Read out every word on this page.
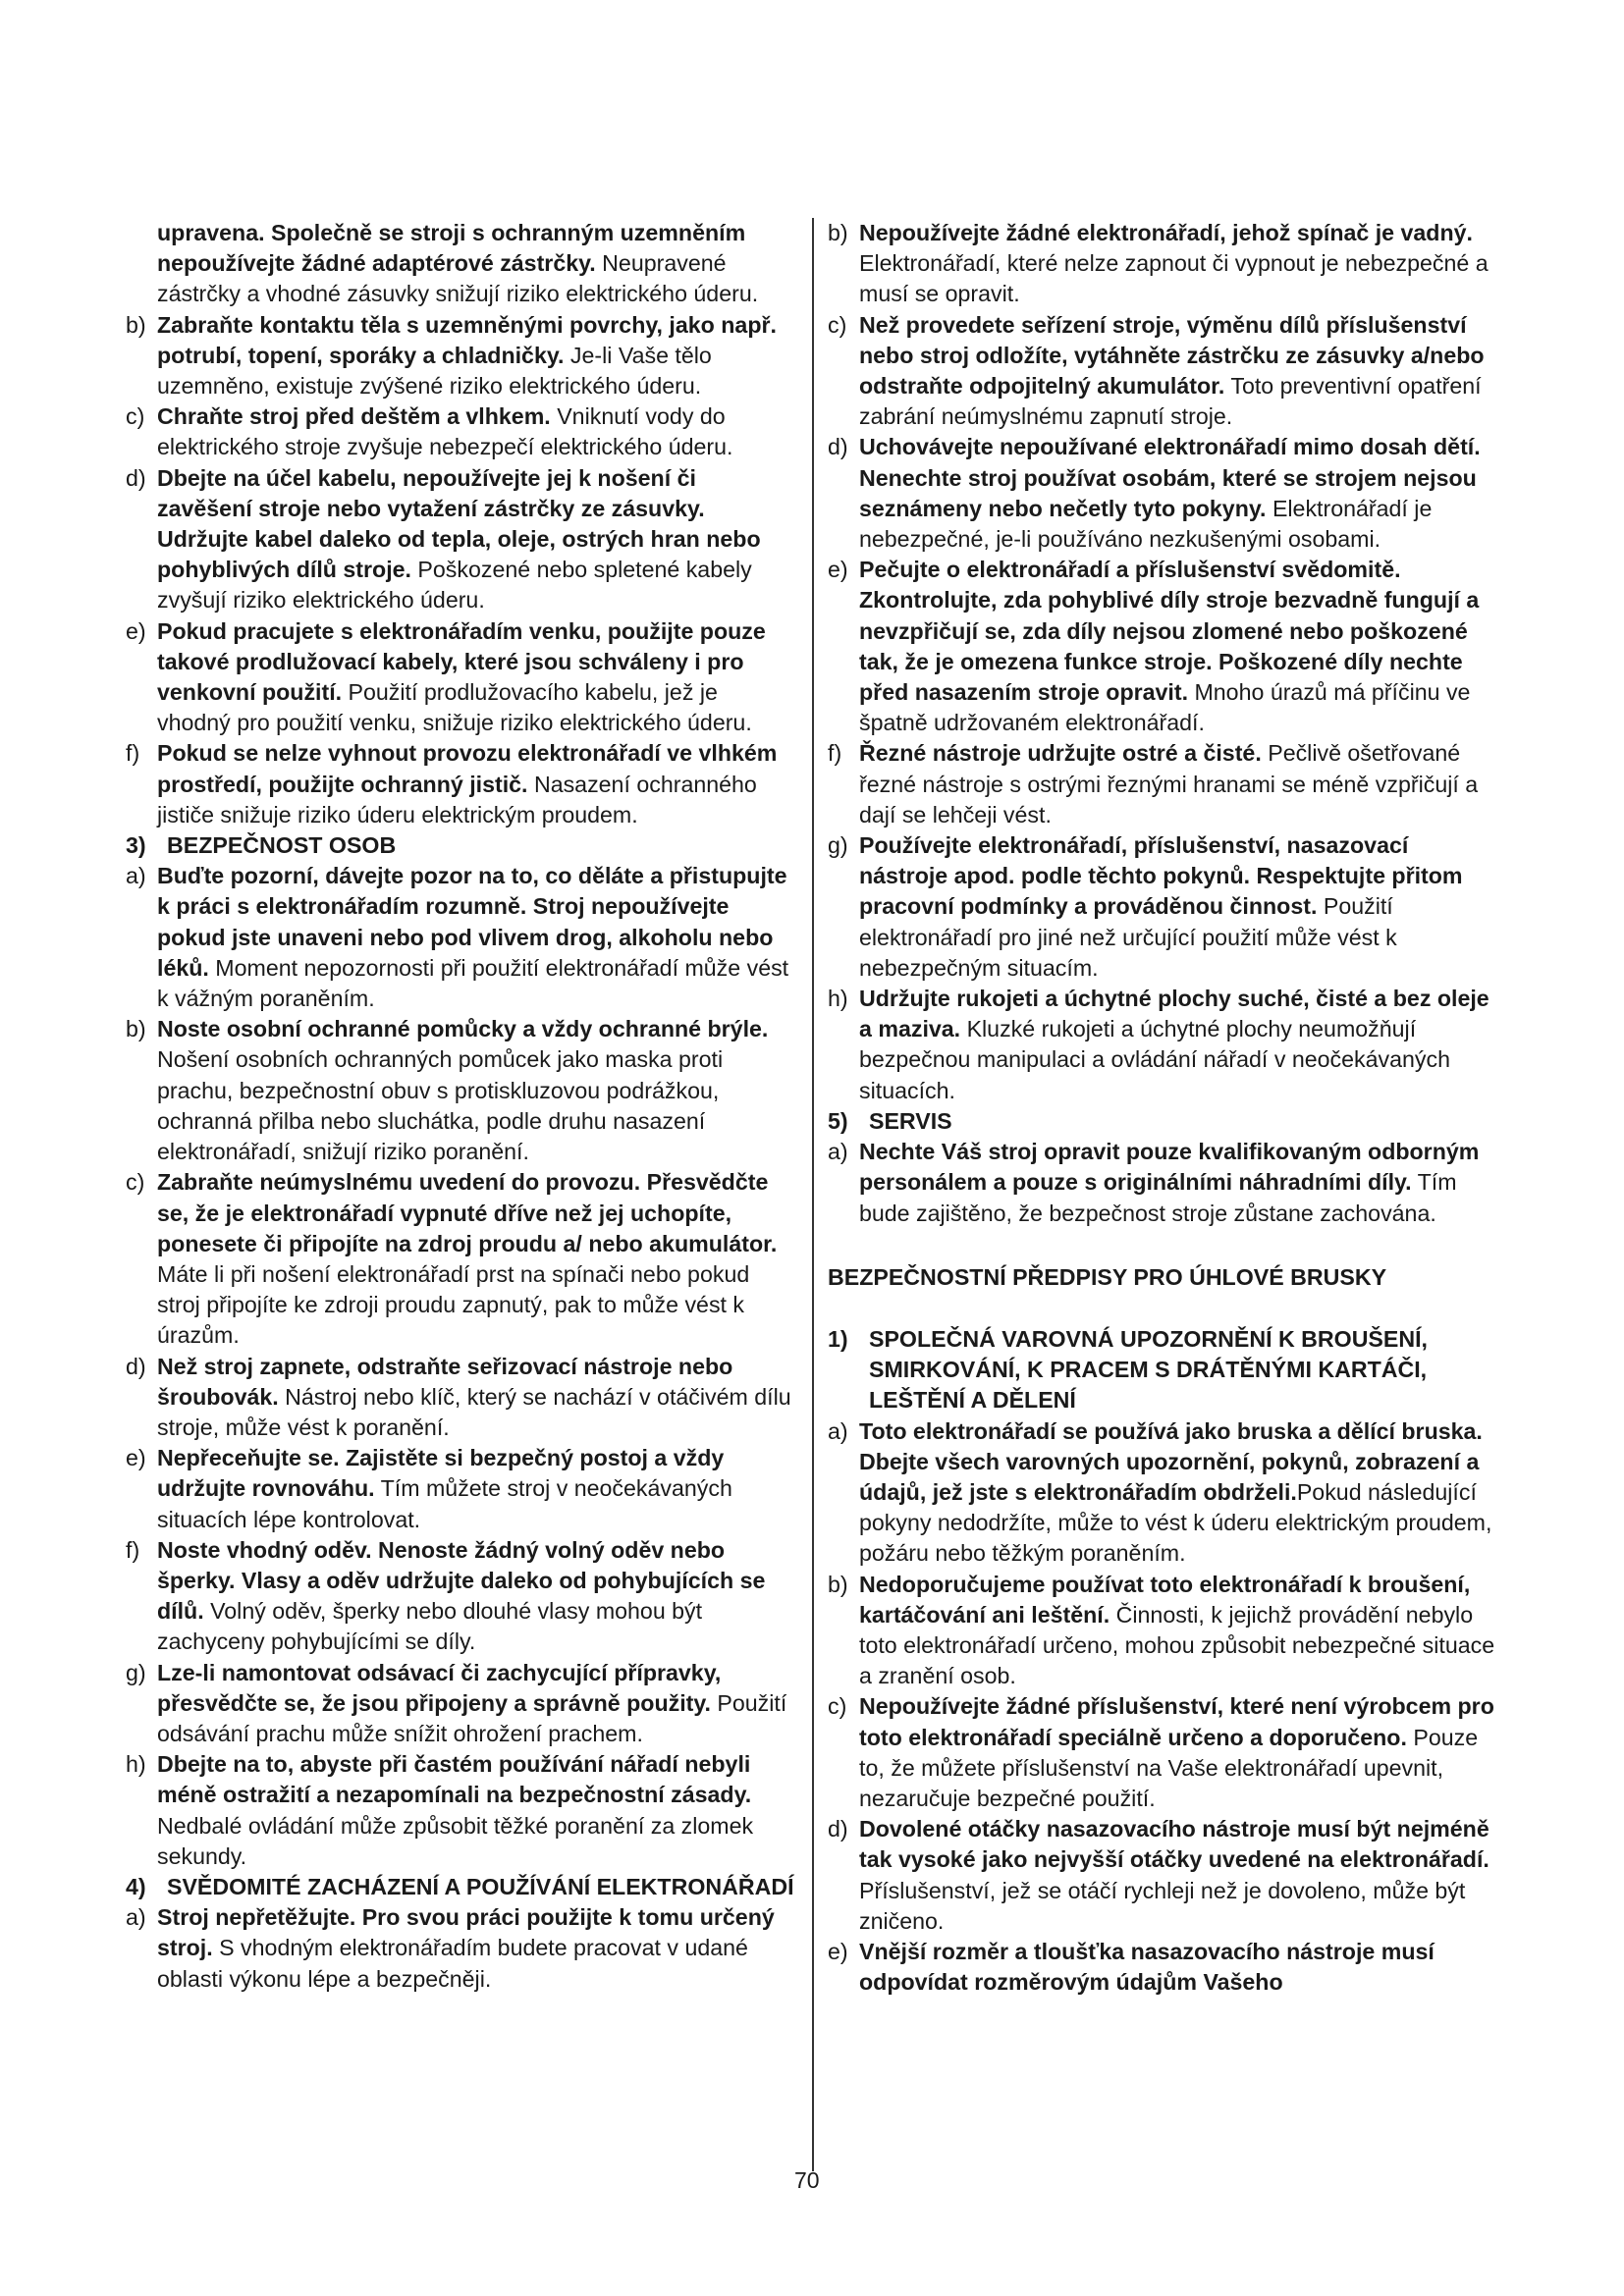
upravena. Společně se stroji s ochranným uzemněním nepoužívejte žádné adaptérové zástrčky. Neupravené zástrčky a vhodné zásuvky snižují riziko elektrického úderu.
b) Zabraňte kontaktu těla s uzemněnými povrchy, jako např. potrubí, topení, sporáky a chladničky. Je-li Vaše tělo uzemněno, existuje zvýšené riziko elektrického úderu.
c) Chraňte stroj před deštěm a vlhkem. Vniknutí vody do elektrického stroje zvyšuje nebezpečí elektrického úderu.
d) Dbejte na účel kabelu, nepoužívejte jej k nošení či zavěšení stroje nebo vytažení zástrčky ze zásuvky. Udržujte kabel daleko od tepla, oleje, ostrých hran nebo pohyblivých dílů stroje. Poškozené nebo spletené kabely zvyšují riziko elektrického úderu.
e) Pokud pracujete s elektronářadím venku, použijte pouze takové prodlužovací kabely, které jsou schváleny i pro venkovní použití. Použití prodlužovacího kabelu, jež je vhodný pro použití venku, snižuje riziko elektrického úderu.
f) Pokud se nelze vyhnout provozu elektronářadí ve vlhkém prostředí, použijte ochranný jistič. Nasazení ochranného jističe snižuje riziko úderu elektrickým proudem.
3) BEZPEČNOST OSOB
a) Buďte pozorní, dávejte pozor na to, co děláte a přistupujte k práci s elektronářadím rozumně. Stroj nepoužívejte pokud jste unaveni nebo pod vlivem drog, alkoholu nebo léků. Moment nepozornosti při použití elektronářadí může vést k vážným poraněním.
b) Noste osobní ochranné pomůcky a vždy ochranné brýle. Nošení osobních ochranných pomůcek jako maska proti prachu, bezpečnostní obuv s protiskluzovou podrážkou, ochranná přilba nebo sluchátka, podle druhu nasazení elektronářadí, snižují riziko poranění.
c) Zabraňte neúmyslnému uvedení do provozu. Přesvědčte se, že je elektronářadí vypnuté dříve než jej uchopíte, ponesete či připojíte na zdroj proudu a/ nebo akumulátor. Máte li při nošení elektronářadí prst na spínači nebo pokud stroj připojíte ke zdroji proudu zapnutý, pak to může vést k úrazům.
d) Než stroj zapnete, odstraňte seřizovací nástroje nebo šroubovák. Nástroj nebo klíč, který se nachází v otáčivém dílu stroje, může vést k poranění.
e) Nepřeceňujte se. Zajistěte si bezpečný postoj a vždy udržujte rovnováhu. Tím můžete stroj v neočekávaných situacích lépe kontrolovat.
f) Noste vhodný oděv. Nenoste žádný volný oděv nebo šperky. Vlasy a oděv udržujte daleko od pohybujících se dílů. Volný oděv, šperky nebo dlouhé vlasy mohou být zachyceny pohybujícími se díly.
g) Lze-li namontovat odsávací či zachycující přípravky, přesvědčte se, že jsou připojeny a správně použity. Použití odsávání prachu může snížit ohrožení prachem.
h) Dbejte na to, abyste při častém používání nářadí nebyli méně ostražití a nezapomínali na bezpečnostní zásady. Nedbalé ovládání může způsobit těžké poranění za zlomek sekundy.
4) SVĚDOMITÉ ZACHÁZENÍ A POUŽÍVÁNÍ ELEKTRONÁŘADÍ
a) Stroj nepřetěžujte. Pro svou práci použijte k tomu určený stroj. S vhodným elektronářadím budete pracovat v udané oblasti výkonu lépe a bezpečněji.
b) Nepoužívejte žádné elektronářadí, jehož spínač je vadný. Elektronářadí, které nelze zapnout či vypnout je nebezpečné a musí se opravit.
c) Než provedete seřízení stroje, výměnu dílů příslušenství nebo stroj odložíte, vytáhněte zástrčku ze zásuvky a/nebo odstraňte odpojitelný akumulátor. Toto preventivní opatření zabrání neúmyslnému zapnutí stroje.
d) Uchovávejte nepoužívané elektronářadí mimo dosah dětí. Nenechte stroj používat osobám, které se strojem nejsou seznámeny nebo nečetly tyto pokyny. Elektronářadí je nebezpečné, je-li používáno nezkušenými osobami.
e) Pečujte o elektronářadí a příslušenství svědomitě. Zkontrolujte, zda pohyblivé díly stroje bezvadně fungují a nevzpřičují se, zda díly nejsou zlomené nebo poškozené tak, že je omezena funkce stroje. Poškozené díly nechte před nasazením stroje opravit. Mnoho úrazů má příčinu ve špatně udržovaném elektronářadí.
f) Řezné nástroje udržujte ostré a čisté. Pečlivě ošetřované řezné nástroje s ostrými řeznými hranami se méně vzpřičují a dají se lehčeji vést.
g) Používejte elektronářadí, příslušenství, nasazovací nástroje apod. podle těchto pokynů. Respektujte přitom pracovní podmínky a prováděnou činnost. Použití elektronářadí pro jiné než určující použití může vést k nebezpečným situacím.
h) Udržujte rukojeti a úchytné plochy suché, čisté a bez oleje a maziva. Kluzké rukojeti a úchytné plochy neumožňují bezpečnou manipulaci a ovládání nářadí v neočekávaných situacích.
5) SERVIS
a) Nechte Váš stroj opravit pouze kvalifikovaným odborným personálem a pouze s originálními náhradními díly. Tím bude zajištěno, že bezpečnost stroje zůstane zachována.
BEZPEČNOSTNÍ PŘEDPISY PRO ÚHLOVÉ BRUSKY
1) SPOLEČNÁ VAROVNÁ UPOZORNĚNÍ K BROUŠENÍ, SMIRKOVÁNÍ, K PRACEM S DRÁTĚNÝMI KARTÁČI, LEŠTĚNÍ A DĚLENÍ
a) Toto elektronářadí se používá jako bruska a dělící bruska. Dbejte všech varovných upozornění, pokynů, zobrazení a údajů, jež jste s elektronářadím obdrželi.Pokud následující pokyny nedodržíte, může to vést k úderu elektrickým proudem, požáru nebo těžkým poraněním.
b) Nedoporučujeme používat toto elektronářadí k broušení, kartáčování ani leštění. Činnosti, k jejichž provádění nebylo toto elektronářadí určeno, mohou způsobit nebezpečné situace a zranění osob.
c) Nepoužívejte žádné příslušenství, které není výrobcem pro toto elektronářadí speciálně určeno a doporučeno. Pouze to, že můžete příslušenství na Vaše elektronářadí upevnit, nezaručuje bezpečné použití.
d) Dovolené otáčky nasazovacího nástroje musí být nejméně tak vysoké jako nejvyšší otáčky uvedené na elektronářadí. Příslušenství, jež se otáčí rychleji než je dovoleno, může být zničeno.
e) Vnější rozměr a tloušťka nasazovacího nástroje musí odpovídat rozměrovým údajům Vašeho
70
